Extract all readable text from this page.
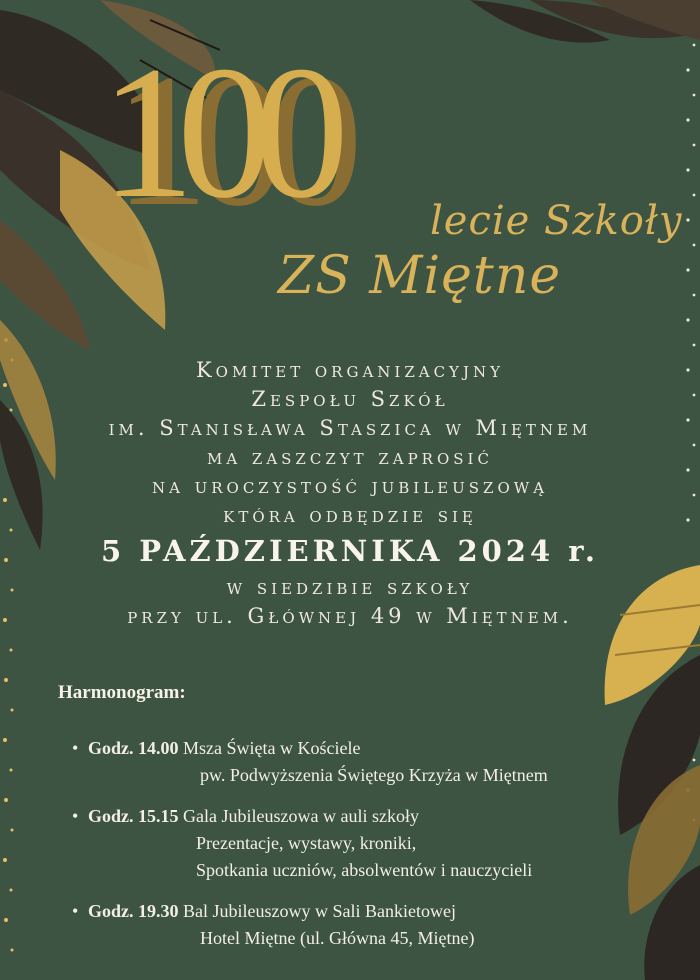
100 lecie Szkoły
ZS Miętne
Komitet organizacyjny
Zespołu Szkół
im. Stanisława Staszica w Miętnem
ma zaszczyt zaprosić
na uroczystość jubileuszową
która odbędzie się
5 PAŹDZIERNIKA 2024 r.
w siedzibie szkoły
przy ul. Głównej 49 w Miętnem.
Harmonogram:
• Godz. 14.00 Msza Święta w Kościele
pw. Podwyższenia Świętego Krzyża w Miętnem
• Godz. 15.15 Gala Jubileuszowa w auli szkoły
Prezentacje, wystawy, kroniki,
Spotkania uczniów, absolwentów i nauczycieli
• Godz. 19.30 Bal Jubileuszowy w Sali Bankietowej
Hotel Miętne (ul. Główna 45, Miętne)
